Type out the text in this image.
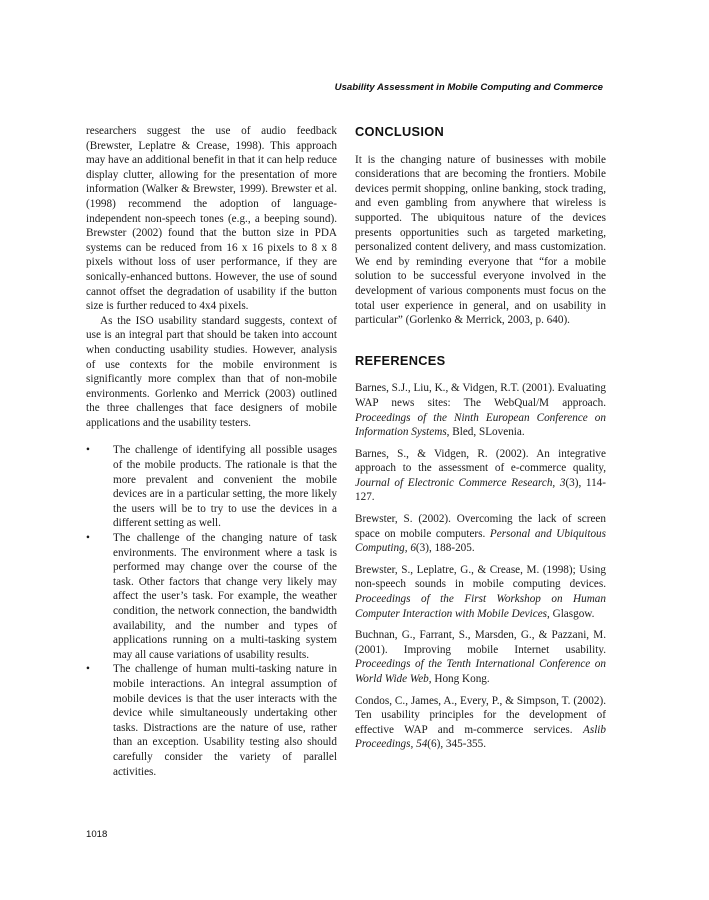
Usability Assessment in Mobile Computing and Commerce

researchers suggest the use of audio feedback (Brewster, Leplatre & Crease, 1998). This approach may have an additional benefit in that it can help reduce display clutter, allowing for the presentation of more information (Walker & Brewster, 1999). Brewster et al. (1998) recommend the adoption of language-independent non-speech tones (e.g., a beeping sound). Brewster (2002) found that the button size in PDA systems can be reduced from 16 x 16 pixels to 8 x 8 pixels without loss of user performance, if they are sonically-enhanced buttons. However, the use of sound cannot offset the degradation of usability if the button size is further reduced to 4x4 pixels.

As the ISO usability standard suggests, context of use is an integral part that should be taken into account when conducting usability studies. However, analysis of use contexts for the mobile environment is significantly more complex than that of non-mobile environments. Gorlenko and Merrick (2003) outlined the three challenges that face designers of mobile applications and the usability testers.

• The challenge of identifying all possible usages of the mobile products. The rationale is that the more prevalent and convenient the mobile devices are in a particular setting, the more likely the users will be to try to use the devices in a different setting as well.
• The challenge of the changing nature of task environments. The environment where a task is performed may change over the course of the task. Other factors that change very likely may affect the user’s task. For example, the weather condition, the network connection, the bandwidth availability, and the number and types of applications running on a multi-tasking system may all cause variations of usability results.
• The challenge of human multi-tasking nature in mobile interactions. An integral assumption of mobile devices is that the user interacts with the device while simultaneously undertaking other tasks. Distractions are the nature of use, rather than an exception. Usability testing also should carefully consider the variety of parallel activities.
CONCLUSION

It is the changing nature of businesses with mobile considerations that are becoming the frontiers. Mobile devices permit shopping, online banking, stock trading, and even gambling from anywhere that wireless is supported. The ubiquitous nature of the devices presents opportunities such as targeted marketing, personalized content delivery, and mass customization. We end by reminding everyone that “for a mobile solution to be successful everyone involved in the development of various components must focus on the total user experience in general, and on usability in particular” (Gorlenko & Merrick, 2003, p. 640).

REFERENCES

Barnes, S.J., Liu, K., & Vidgen, R.T. (2001). Evaluating WAP news sites: The WebQual/M approach. Proceedings of the Ninth European Conference on Information Systems, Bled, SLovenia.

Barnes, S., & Vidgen, R. (2002). An integrative approach to the assessment of e-commerce quality, Journal of Electronic Commerce Research, 3(3), 114-127.

Brewster, S. (2002). Overcoming the lack of screen space on mobile computers. Personal and Ubiquitous Computing, 6(3), 188-205.

Brewster, S., Leplatre, G., & Crease, M. (1998); Using non-speech sounds in mobile computing devices. Proceedings of the First Workshop on Human Computer Interaction with Mobile Devices, Glasgow.

Buchnan, G., Farrant, S., Marsden, G., & Pazzani, M. (2001). Improving mobile Internet usability. Proceedings of the Tenth International Conference on World Wide Web, Hong Kong.

Condos, C., James, A., Every, P., & Simpson, T. (2002). Ten usability principles for the development of effective WAP and m-commerce services. Aslib Proceedings, 54(6), 345-355.

1018
